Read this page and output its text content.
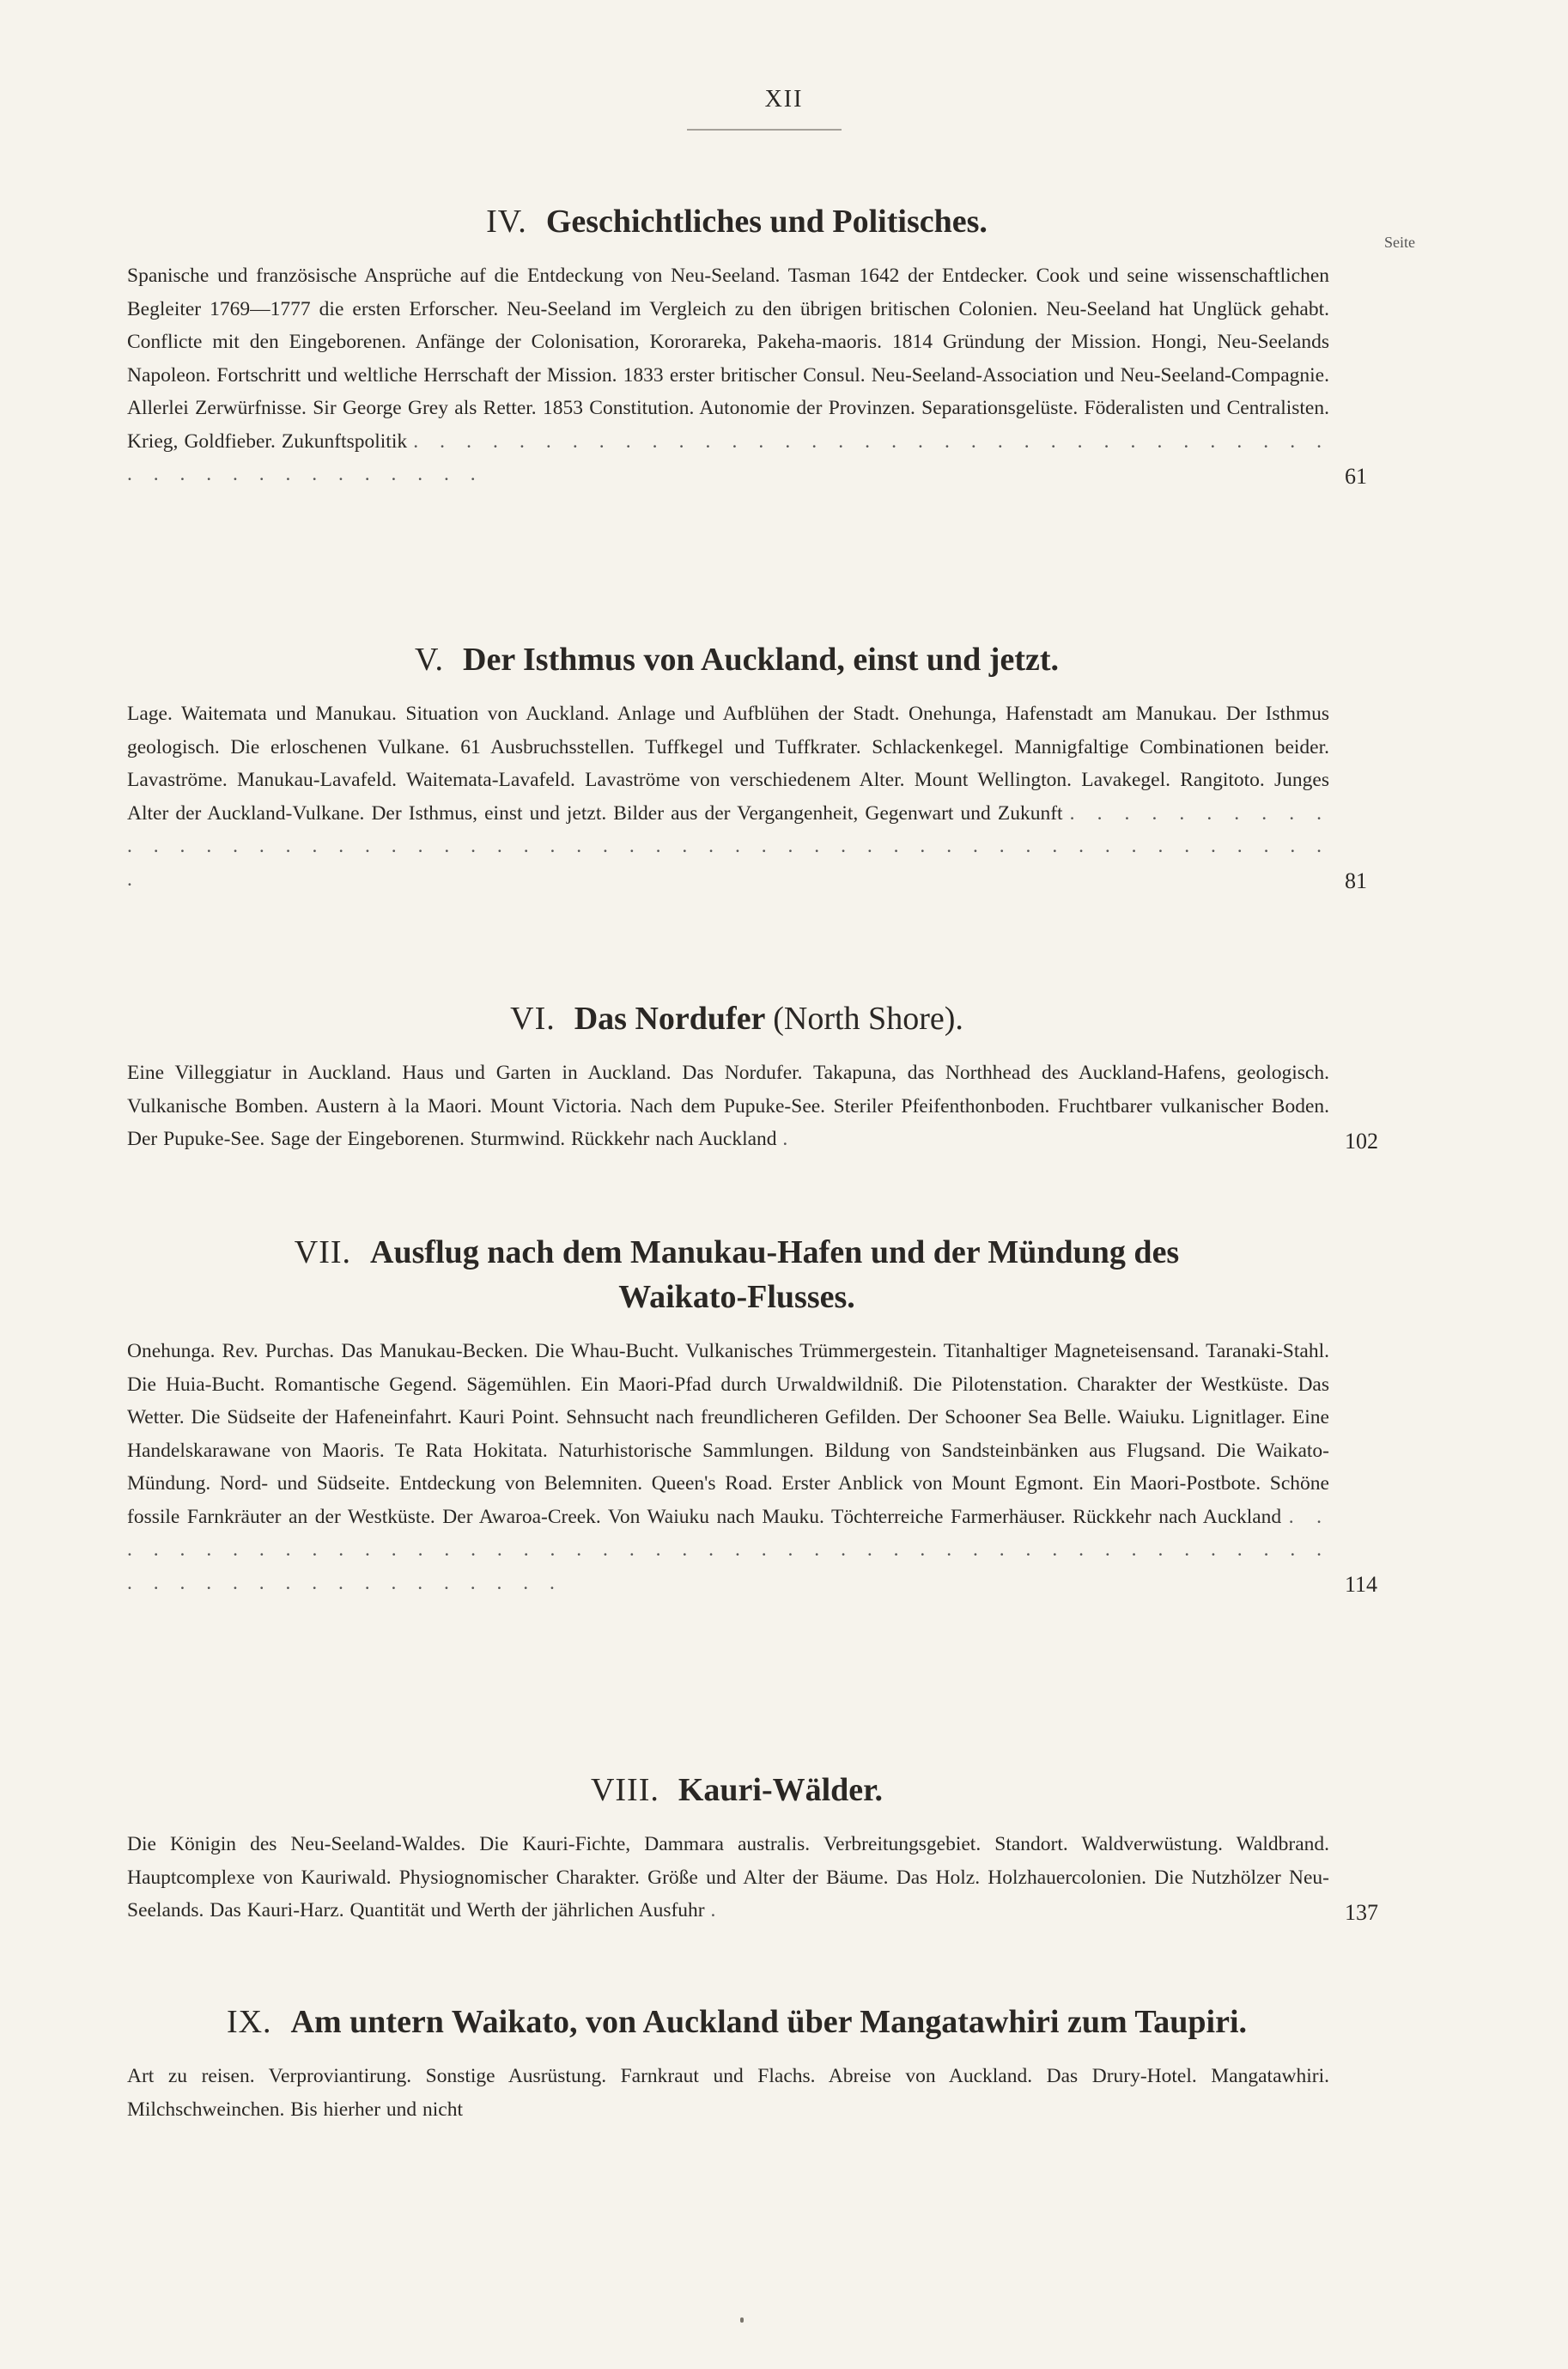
XII
Seite
IV. Geschichtliches und Politisches.

Spanische und französische Ansprüche auf die Entdeckung von Neu-Seeland. Tasman 1642 der Entdecker. Cook und seine wissenschaftlichen Begleiter 1769—1777 die ersten Erforscher. Neu-Seeland im Vergleich zu den übrigen britischen Colonien. Neu-Seeland hat Unglück gehabt. Conflicte mit den Eingeborenen. Anfänge der Colonisation, Kororareka, Pakeha-maoris. 1814 Gründung der Mission. Hongi, Neu-Seelands Napoleon. Fortschritt und weltliche Herrschaft der Mission. 1833 erster britischer Consul. Neu-Seeland-Association und Neu-Seeland-Compagnie. Allerlei Zerwürfnisse. Sir George Grey als Retter. 1853 Constitution. Autonomie der Provinzen. Separationsgelüste. Föderalisten und Centralisten. Krieg, Goldfieber. Zukunftspolitik . . . . . . . . . . . . . . . . . . . . . . . . . . . . . . . . . . . . . . . . . . . . . . . . .	61
V. Der Isthmus von Auckland, einst und jetzt.

Lage. Waitemata und Manukau. Situation von Auckland. Anlage und Aufblühen der Stadt. Onehunga, Hafenstadt am Manukau. Der Isthmus geologisch. Die erloschenen Vulkane. 61 Ausbruchsstellen. Tuffkegel und Tuffkrater. Schlackenkegel. Mannigfaltige Combinationen beider. Lavaströme. Manukau-Lavafeld. Waitemata-Lavafeld. Lavaströme von verschiedenem Alter. Mount Wellington. Lavakegel. Rangitoto. Junges Alter der Auckland-Vulkane. Der Isthmus, einst und jetzt. Bilder aus der Vergangenheit, Gegenwart und Zukunft . . . . . . . . . . . . . . . . . . . . . . . . . . . . . . . . . . . . . . . . . . . . . . . . . . . . . . . . .	81
VI. Das Nordufer (North Shore).

Eine Villeggiatur in Auckland. Haus und Garten in Auckland. Das Nordufer. Takapuna, das Northhead des Auckland-Hafens, geologisch. Vulkanische Bomben. Austern à la Maori. Mount Victoria. Nach dem Pupuke-See. Steriler Pfeifenthonboden. Fruchtbarer vulkanischer Boden. Der Pupuke-See. Sage der Eingeborenen. Sturmwind. Rückkehr nach Auckland .	102
VII. Ausflug nach dem Manukau-Hafen und der Mündung des Waikato-Flusses.

Onehunga. Rev. Purchas. Das Manukau-Becken. Die Whau-Bucht. Vulkanisches Trümmergestein. Titanhaltiger Magneteisensand. Taranaki-Stahl. Die Huia-Bucht. Romantische Gegend. Sägemühlen. Ein Maori-Pfad durch Urwaldwildniß. Die Pilotenstation. Charakter der Westküste. Das Wetter. Die Südseite der Hafeneinfahrt. Kauri Point. Sehnsucht nach freundlicheren Gefilden. Der Schooner Sea Belle. Waiuku. Lignitlager. Eine Handelskarawane von Maoris. Te Rata Hokitata. Naturhistorische Sammlungen. Bildung von Sandsteinbänken aus Flugsand. Die Waikato-Mündung. Nord- und Südseite. Entdeckung von Belemniten. Queen's Road. Erster Anblick von Mount Egmont. Ein Maori-Postbote. Schöne fossile Farnkräuter an der Westküste. Der Awaroa-Creek. Von Waiuku nach Mauku. Töchterreiche Farmerhäuser. Rückkehr nach Auckland . . . . . . . . . . . . . . . . . . . . . . . . . . . . . . . . . . . . . . . . . . . . . . . . . . . . . . . . . . . . . . . . .	114
VIII. Kauri-Wälder.

Die Königin des Neu-Seeland-Waldes. Die Kauri-Fichte, Dammara australis. Verbreitungsgebiet. Standort. Waldverwüstung. Waldbrand. Hauptcomplexe von Kauriwald. Physiognomischer Charakter. Größe und Alter der Bäume. Das Holz. Holzhauercolonien. Die Nutzhölzer Neu-Seelands. Das Kauri-Harz. Quantität und Werth der jährlichen Ausfuhr .	137
IX. Am untern Waikato, von Auckland über Mangatawhiri zum Taupiri.

Art zu reisen. Verproviantirung. Sonstige Ausrüstung. Farnkraut und Flachs. Abreise von Auckland. Das Drury-Hotel. Mangatawhiri. Milchschweinchen. Bis hierher und nicht
